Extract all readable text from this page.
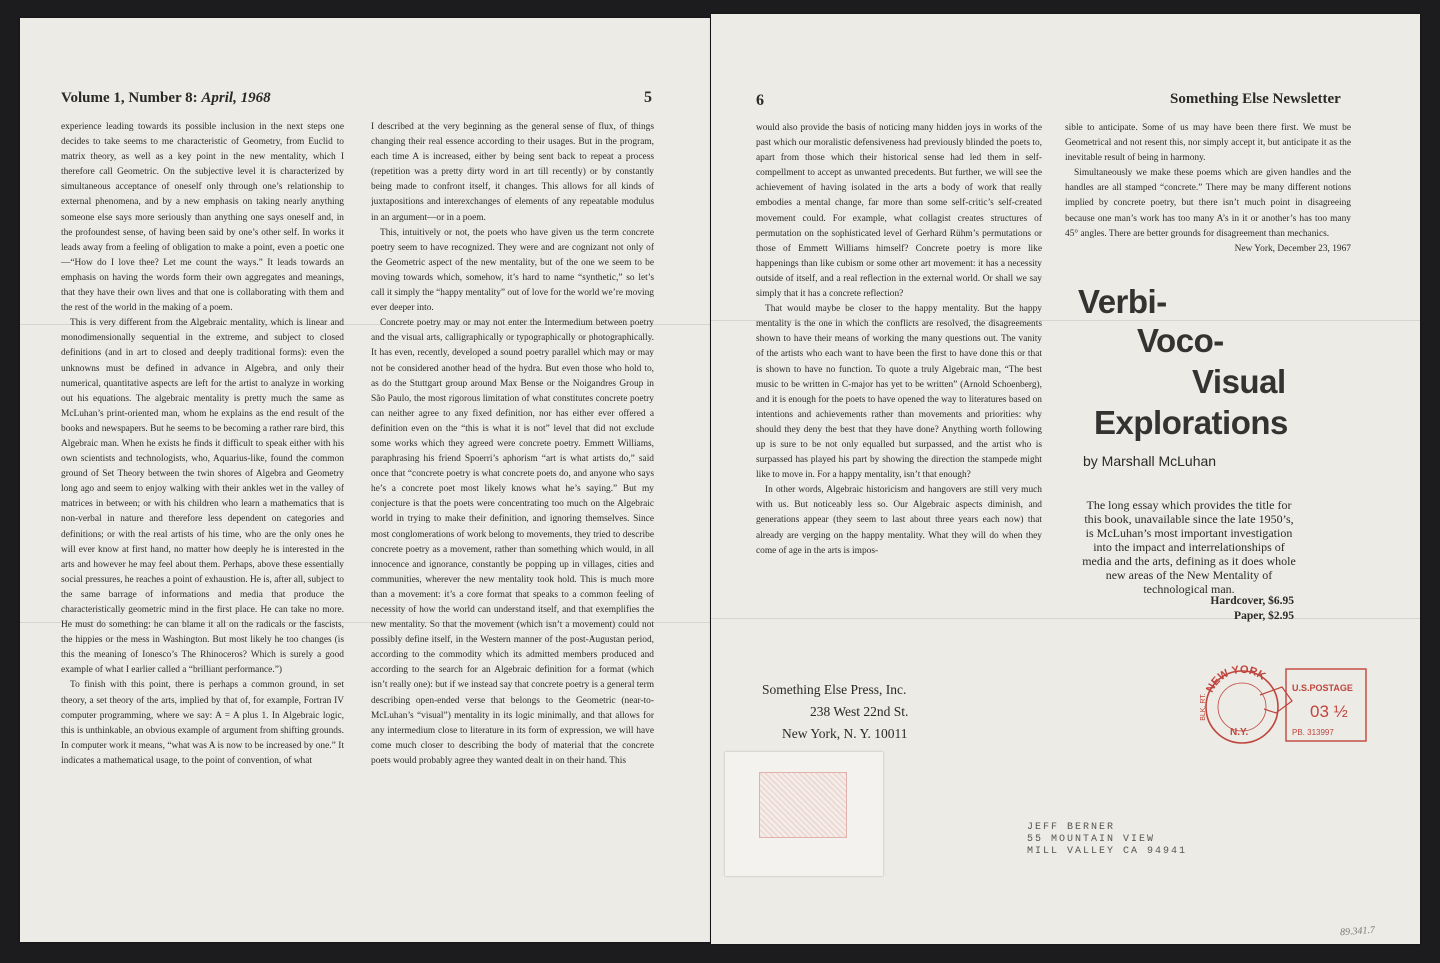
Volume 1, Number 8: April, 1968	5

experience leading towards its possible inclusion in the next steps one decides to take seems to me characteristic of Geometry, from Euclid to matrix theory, as well as a key point in the new mentality, which I therefore call Geometric. On the subjective level it is characterized by simultaneous acceptance of oneself only through one’s relationship to external phenomena, and by a new emphasis on taking nearly anything someone else says more seriously than anything one says oneself and, in the profoundest sense, of having been said by one’s other self. In works it leads away from a feeling of obligation to make a point, even a poetic one—“How do I love thee? Let me count the ways.” It leads towards an emphasis on having the words form their own aggregates and meanings, that they have their own lives and that one is collaborating with them and the rest of the world in the making of a poem.

This is very different from the Algebraic mentality, which is linear and monodimensionally sequential in the extreme, and subject to closed definitions (and in art to closed and deeply traditional forms): even the unknowns must be defined in advance in Algebra, and only their numerical, quantitative aspects are left for the artist to analyze in working out his equations. The algebraic mentality is pretty much the same as McLuhan’s print-oriented man, whom he explains as the end result of the books and newspapers. But he seems to be becoming a rather rare bird, this Algebraic man. When he exists he finds it difficult to speak either with his own scientists and technologists, who, Aquarius-like, found the common ground of Set Theory between the twin shores of Algebra and Geometry long ago and seem to enjoy walking with their ankles wet in the valley of matrices in between; or with his children who learn a mathematics that is non-verbal in nature and therefore less dependent on categories and definitions; or with the real artists of his time, who are the only ones he will ever know at first hand, no matter how deeply he is interested in the arts and however he may feel about them. Perhaps, above these essentially social pressures, he reaches a point of exhaustion. He is, after all, subject to the same barrage of informations and media that produce the characteristically geometric mind in the first place. He can take no more. He must do something: he can blame it all on the radicals or the fascists, the hippies or the mess in Washington. But most likely he too changes (is this the meaning of Ionesco’s The Rhinoceros? Which is surely a good example of what I earlier called a “brilliant performance.”)

To finish with this point, there is perhaps a common ground, in set theory, a set theory of the arts, implied by that of, for example, Fortran IV computer programming, where we say: A = A plus 1. In Algebraic logic, this is unthinkable, an obvious example of argument from shifting grounds. In computer work it means, “what was A is now to be increased by one.” It indicates a mathematical usage, to the point of convention, of what

I described at the very beginning as the general sense of flux, of things changing their real essence according to their usages. But in the program, each time A is increased, either by being sent back to repeat a process (repetition was a pretty dirty word in art till recently) or by constantly being made to confront itself, it changes. This allows for all kinds of juxtapositions and interexchanges of elements of any repeatable modulus in an argument—or in a poem.

This, intuitively or not, the poets who have given us the term concrete poetry seem to have recognized. They were and are cognizant not only of the Geometric aspect of the new mentality, but of the one we seem to be moving towards which, somehow, it’s hard to name “synthetic,” so let’s call it simply the “happy mentality” out of love for the world we’re moving ever deeper into.

Concrete poetry may or may not enter the Intermedium between poetry and the visual arts, calligraphically or typographically or photographically. It has even, recently, developed a sound poetry parallel which may or may not be considered another head of the hydra. But even those who hold to, as do the Stuttgart group around Max Bense or the Noigandres Group in São Paulo, the most rigorous limitation of what constitutes concrete poetry can neither agree to any fixed definition, nor has either ever offered a definition even on the “this is what it is not” level that did not exclude some works which they agreed were concrete poetry. Emmett Williams, paraphrasing his friend Spoerri’s aphorism “art is what artists do,” said once that “concrete poetry is what concrete poets do, and anyone who says he’s a concrete poet most likely knows what he’s saying.” But my conjecture is that the poets were concentrating too much on the Algebraic world in trying to make their definition, and ignoring themselves. Since most conglomerations of work belong to movements, they tried to describe concrete poetry as a movement, rather than something which would, in all innocence and ignorance, constantly be popping up in villages, cities and communities, wherever the new mentality took hold. This is much more than a movement: it’s a core format that speaks to a common feeling of necessity of how the world can understand itself, and that exemplifies the new mentality. So that the movement (which isn’t a movement) could not possibly define itself, in the Western manner of the post-Augustan period, according to the commodity which its admitted members produced and according to the search for an Algebraic definition for a format (which isn’t really one): but if we instead say that concrete poetry is a general term describing open-ended verse that belongs to the Geometric (near-to-McLuhan’s “visual”) mentality in its logic minimally, and that allows for any intermedium close to literature in its form of expression, we will have come much closer to describing the body of material that the concrete poets would probably agree they wanted dealt in on their hand. This

6	Something Else Newsletter

would also provide the basis of noticing many hidden joys in works of the past which our moralistic defensiveness had previously blinded the poets to, apart from those which their historical sense had led them in self-compellment to accept as unwanted precedents. But further, we will see the achievement of having isolated in the arts a body of work that really embodies a mental change, far more than some self-critic’s self-created movement could. For example, what collagist creates structures of permutation on the sophisticated level of Gerhard Rühm’s permutations or those of Emmett Williams himself? Concrete poetry is more like happenings than like cubism or some other art movement: it has a necessity outside of itself, and a real reflection in the external world. Or shall we say simply that it has a concrete reflection?

That would maybe be closer to the happy mentality. But the happy mentality is the one in which the conflicts are resolved, the disagreements shown to have their means of working the many questions out. The vanity of the artists who each want to have been the first to have done this or that is shown to have no function. To quote a truly Algebraic man, “The best music to be written in C-major has yet to be written” (Arnold Schoenberg), and it is enough for the poets to have opened the way to literatures based on intentions and achievements rather than movements and priorities: why should they deny the best that they have done? Anything worth following up is sure to be not only equalled but surpassed, and the artist who is surpassed has played his part by showing the direction the stampede might like to move in. For a happy mentality, isn’t that enough?

In other words, Algebraic historicism and hangovers are still very much with us. But noticeably less so. Our Algebraic aspects diminish, and generations appear (they seem to last about three years each now) that already are verging on the happy mentality. What they will do when they come of age in the arts is impos-

sible to anticipate. Some of us may have been there first. We must be Geometrical and not resent this, nor simply accept it, but anticipate it as the inevitable result of being in harmony.

Simultaneously we make these poems which are given handles and the handles are all stamped “concrete.” There may be many different notions implied by concrete poetry, but there isn’t much point in disagreeing because one man’s work has too many A’s in it or another’s has too many 45° angles. There are better grounds for disagreement than mechanics.

New York, December 23, 1967

Verbi-
Voco-
Visual
Explorations
by Marshall McLuhan
The long essay which provides the title for this book, unavailable since the late 1950’s, is McLuhan’s most important investigation into the impact and interrelationships of media and the arts, defining as it does whole new areas of the New Mentality of technological man.
Hardcover, $6.95
Paper, $2.95
Something Else Press, Inc.
238 West 22nd St.
New York, N. Y. 10011
NEW YORK
N.Y.
BLK. RT.
U.S.POSTAGE
03 ½
PB. 313997
JEFF BERNER
55 MOUNTAIN VIEW
MILL VALLEY CA 94941
89.341.7
